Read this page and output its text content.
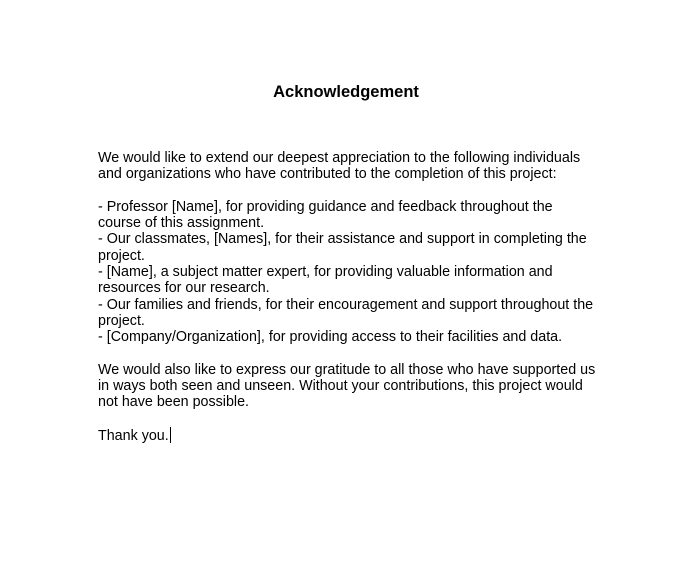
Acknowledgement
We would like to extend our deepest appreciation to the following individuals
and organizations who have contributed to the completion of this project:
- Professor [Name], for providing guidance and feedback throughout the
course of this assignment.
- Our classmates, [Names], for their assistance and support in completing the
project.
- [Name], a subject matter expert, for providing valuable information and
resources for our research.
- Our families and friends, for their encouragement and support throughout the
project.
- [Company/Organization], for providing access to their facilities and data.
We would also like to express our gratitude to all those who have supported us
in ways both seen and unseen. Without your contributions, this project would
not have been possible.
Thank you.
